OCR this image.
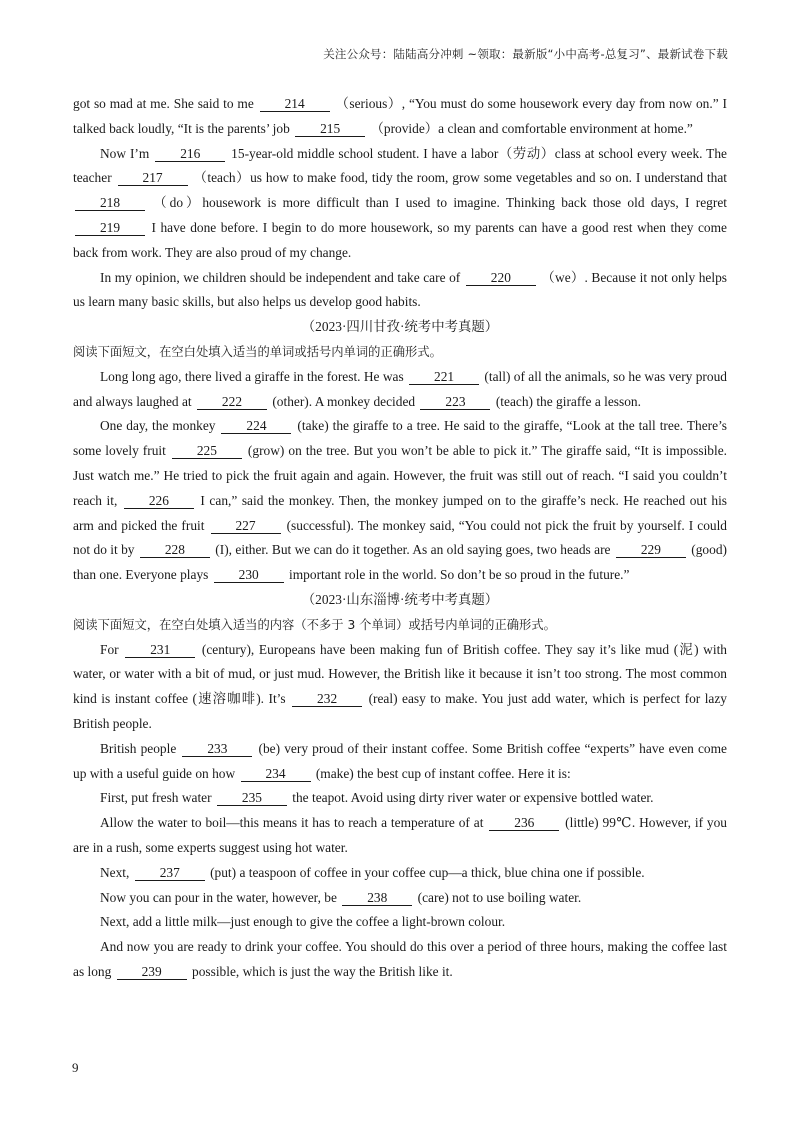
关注公众号：陆陆高分冲刺 ~领取：最新版“小中高考-总复习”、最新试卷下载

got so mad at me. She said to me 214 （serious）, “You must do some housework every day from now on.” I talked back loudly, “It is the parents’ job 215 （provide）a clean and comfortable environment at home.”

Now I’m 216 15-year-old middle school student. I have a labor（劳动）class at school every week. The teacher 217 （teach）us how to make food, tidy the room, grow some vegetables and so on. I understand that 218 （do）housework is more difficult than I used to imagine. Thinking back those old days, I regret 219 I have done before. I begin to do more housework, so my parents can have a good rest when they come back from work. They are also proud of my change.

In my opinion, we children should be independent and take care of 220 （we）. Because it not only helps us learn many basic skills, but also helps us develop good habits.

（2023·四川甘孜·统考中考真题）

阅读下面短文，在空白处填入适当的单词或括号内单词的正确形式。

Long long ago, there lived a giraffe in the forest. He was 221 (tall) of all the animals, so he was very proud and always laughed at 222 (other). A monkey decided 223 (teach) the giraffe a lesson.

One day, the monkey 224 (take) the giraffe to a tree. He said to the giraffe, “Look at the tall tree. There’s some lovely fruit 225 (grow) on the tree. But you won’t be able to pick it.” The giraffe said, “It is impossible. Just watch me.” He tried to pick the fruit again and again. However, the fruit was still out of reach. “I said you couldn’t reach it, 226 I can,” said the monkey. Then, the monkey jumped on to the giraffe’s neck. He reached out his arm and picked the fruit 227 (successful). The monkey said, “You could not pick the fruit by yourself. I could not do it by 228 (I), either. But we can do it together. As an old saying goes, two heads are 229 (good) than one. Everyone plays 230 important role in the world. So don’t be so proud in the future.”

（2023·山东淄博·统考中考真题）

阅读下面短文，在空白处填入适当的内容（不多于 3 个单词）或括号内单词的正确形式。

For 231 (century), Europeans have been making fun of British coffee. They say it’s like mud (泥) with water, or water with a bit of mud, or just mud. However, the British like it because it isn’t too strong. The most common kind is instant coffee (速溶咖啡). It’s 232 (real) easy to make. You just add water, which is perfect for lazy British people.

British people 233 (be) very proud of their instant coffee. Some British coffee “experts” have even come up with a useful guide on how 234 (make) the best cup of instant coffee. Here it is:

First, put fresh water 235 the teapot. Avoid using dirty river water or expensive bottled water.

Allow the water to boil—this means it has to reach a temperature of at 236 (little) 99℃. However, if you are in a rush, some experts suggest using hot water.

Next, 237 (put) a teaspoon of coffee in your coffee cup—a thick, blue china one if possible.

Now you can pour in the water, however, be 238 (care) not to use boiling water.

Next, add a little milk—just enough to give the coffee a light-brown colour.

And now you are ready to drink your coffee. You should do this over a period of three hours, making the coffee last as long 239 possible, which is just the way the British like it.

9
